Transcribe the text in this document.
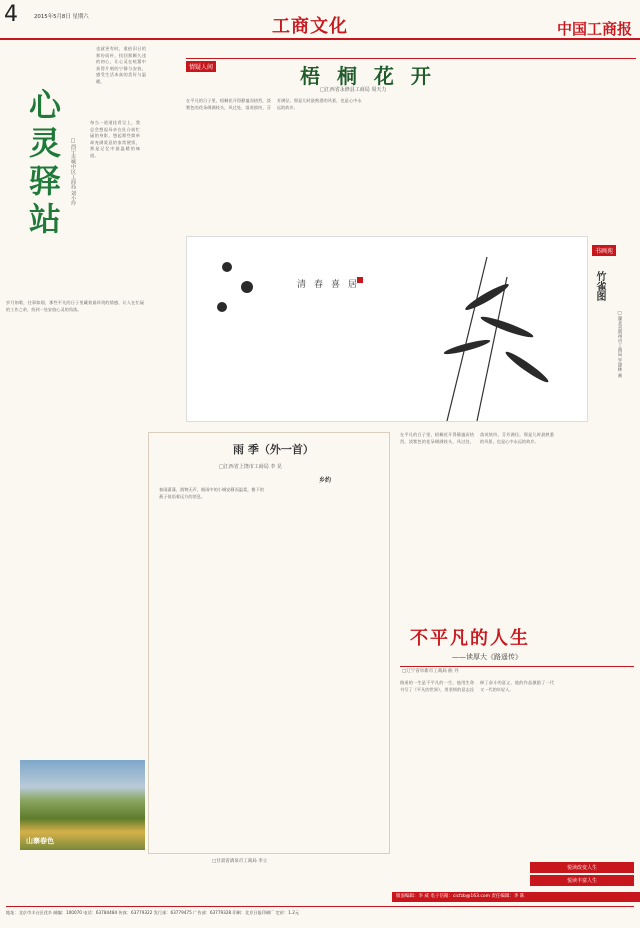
4	2015年5月8日 星期六	工商文化	中国工商报
也就更有时，重拾旧日的那份质朴，找回那颗久违的初心，让心灵在喧嚣中获得片刻的宁静与安放，感受生活本真的美好与温暖。
心灵驿站	□西宁市城中区工商局 刘小玲
每当一道道佳肴呈上，我总会想起母亲在灶台前忙碌的身影，想起那些简单却充满爱意的家常便饭，那是记忆中最温暖的味道。
岁月如歌，往事如烟，那些平凡的日子里藏着最珍贵的情感，让人在忙碌的工作之余，找到一处安放心灵的角落。
山寨春色
□甘肃省酒泉市工商局 李立
情疑人间	梧 桐 花 开
□江西省永修县工商局 周天力
在平凡的日子里，梧桐花开得静谧而热烈，淡紫色的花朵缀满枝头，风过处，落英缤纷，芬芳满径。那是儿时最熟悉的风景，也是心中永远的故乡。
清春喜居
书画苑
竹雀图
□湖北省荆州市工商局 罗建林 画
雨 季（外一首）
□江西省上饶市工商局 李 晃
乡约
春雨潇潇，润物无声，细雨中的小城安静而温柔，檐下的燕子低语着远方的消息。
在平凡的日子里，梧桐花开得静谧而热烈，淡紫色的花朵缀满枝头，风过处，落英缤纷，芬芳满径。那是儿时最熟悉的风景，也是心中永远的故乡。
不平凡的人生
——读厚大《路遥传》
□辽宁省阜新市工商局 曲 丹
路遥的一生是不平凡的一生，他用生命书写了《平凡的世界》，用坚韧的意志诠释了奋斗的意义，他的作品激励了一代又一代的年轻人。
悦读改变人生
悦读丰富人生
版面编辑：李 威 电子信箱：cicfzb@163.com 责任编辑：李 陈
地址：北京市丰台区花乡 邮编：100070 电话：63784484 传真：63779322 发行部：63779475 广告部：63779328 印刷：北京日报印刷厂 定价：1.2元
